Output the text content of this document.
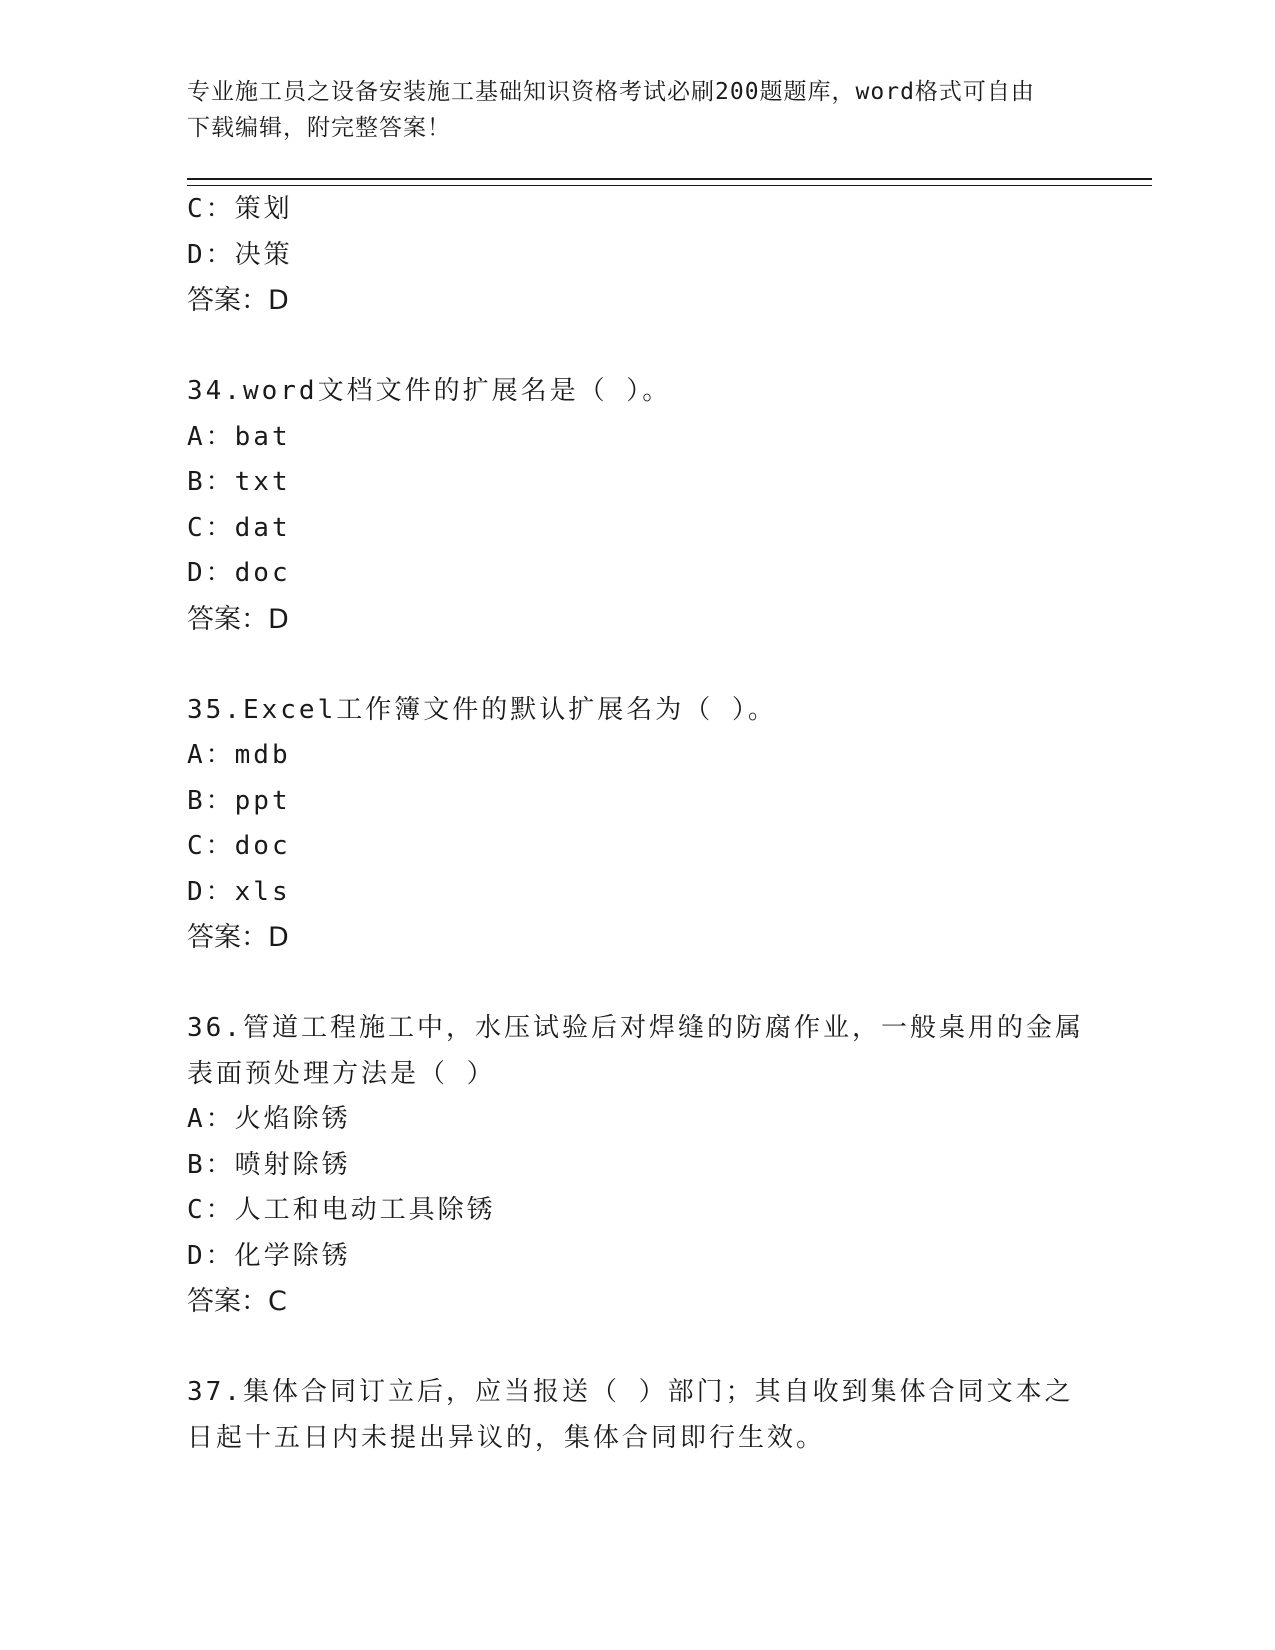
专业施工员之设备安装施工基础知识资格考试必刷200题题库，word格式可自由
下载编辑，附完整答案！
C：策划
D：决策
答案：D
34.word文档文件的扩展名是（ ）。
A：bat
B：txt
C：dat
D：doc
答案：D
35.Excel工作簿文件的默认扩展名为（ ）。
A：mdb
B：ppt
C：doc
D：xls
答案：D
36.管道工程施工中，水压试验后对焊缝的防腐作业，一般桌用的金属
表面预处理方法是（ ）
A：火焰除锈
B：喷射除锈
C：人工和电动工具除锈
D：化学除锈
答案：C
37.集体合同订立后，应当报送（ ）部门；其自收到集体合同文本之
日起十五日内未提出异议的，集体合同即行生效。
